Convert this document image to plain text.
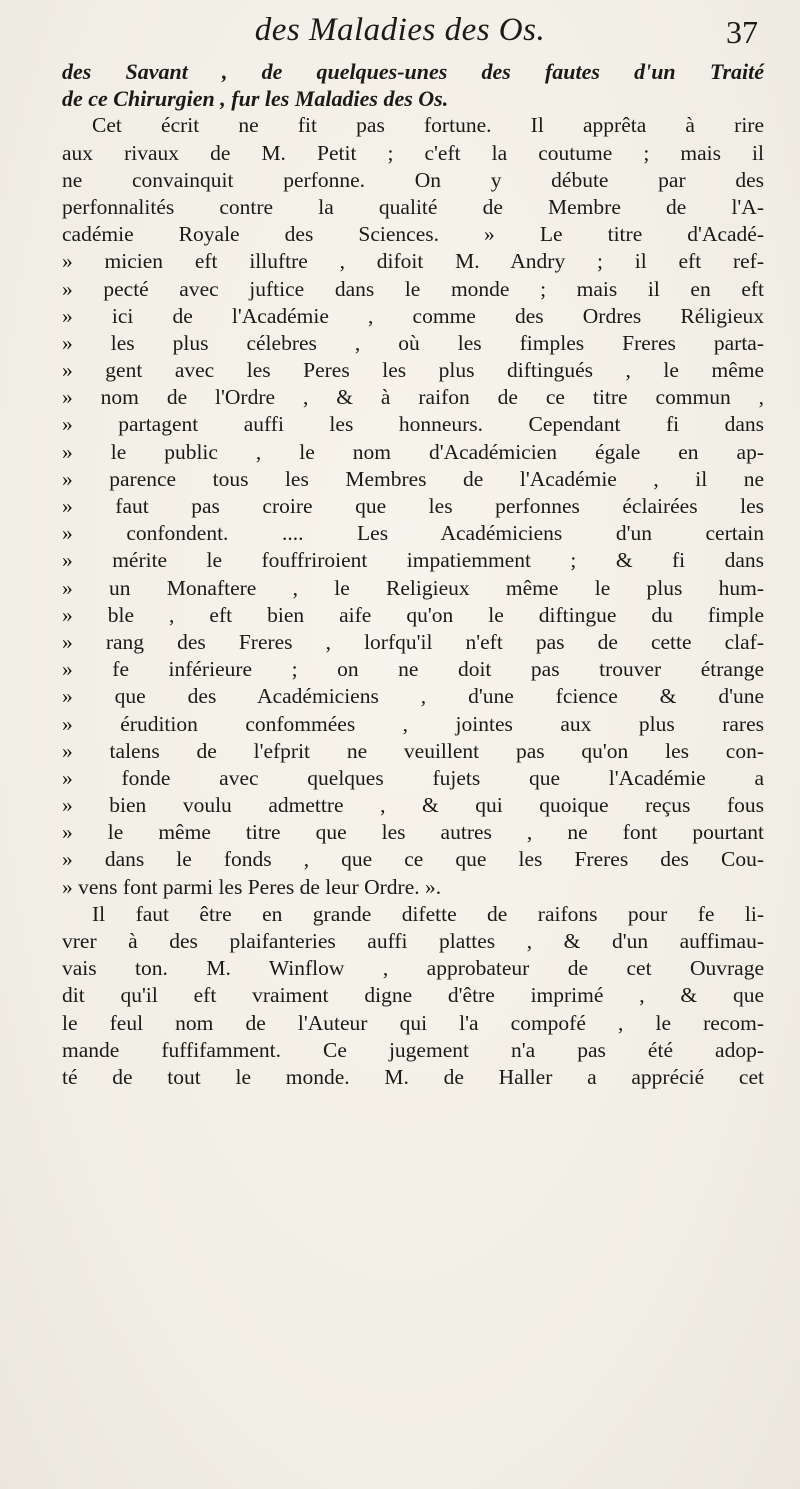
des Maladies des Os.	37
des Savant , de quelques-unes des fautes d'un Traité
de ce Chirurgien , fur les Maladies des Os.
Cet écrit ne fit pas fortune. Il apprêta à rire
aux rivaux de M. Petit ; c'eft la coutume ; mais il
ne convainquit perfonne. On y débute par des
perfonnalités contre la qualité de Membre de l'A-
cadémie Royale des Sciences. » Le titre d'Acadé-
» micien eft illuftre , difoit M. Andry ; il eft ref-
» pecté avec juftice dans le monde ; mais il en eft
» ici de l'Académie , comme des Ordres Réligieux
» les plus célebres , où les fimples Freres parta-
» gent avec les Peres les plus diftingués , le même
» nom de l'Ordre , & à raifon de ce titre commun ,
» partagent auffi les honneurs. Cependant fi dans
» le public , le nom d'Académicien égale en ap-
» parence tous les Membres de l'Académie , il ne
» faut pas croire que les perfonnes éclairées les
» confondent. .... Les Académiciens d'un certain
» mérite le fouffriroient impatiemment ; & fi dans
» un Monaftere , le Religieux même le plus hum-
» ble , eft bien aife qu'on le diftingue du fimple
» rang des Freres , lorfqu'il n'eft pas de cette claf-
» fe inférieure ; on ne doit pas trouver étrange
» que des Académiciens , d'une fcience & d'une
» érudition confommées , jointes aux plus rares
» talens de l'efprit ne veuillent pas qu'on les con-
» fonde avec quelques fujets que l'Académie a
» bien voulu admettre , & qui quoique reçus fous
» le même titre que les autres , ne font pourtant
» dans le fonds , que ce que les Freres des Cou-
» vens font parmi les Peres de leur Ordre. ».
Il faut être en grande difette de raifons pour fe li-
vrer à des plaifanteries auffi plattes , & d'un auffimau-
vais ton. M. Winflow , approbateur de cet Ouvrage
dit qu'il eft vraiment digne d'être imprimé , & que
le feul nom de l'Auteur qui l'a compofé , le recom-
mande fuffifamment. Ce jugement n'a pas été adop-
té de tout le monde. M. de Haller a apprécié cet
